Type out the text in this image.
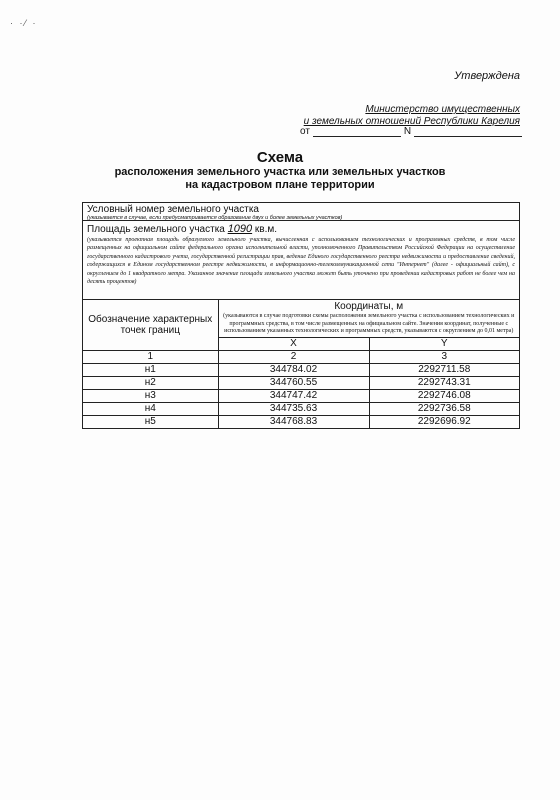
· ·⁄ ·
Утверждена
Министерство имущественных
и земельных отношений Республики Карелия
от	N
Схема
расположения земельного участка или земельных участков
на кадастровом плане территории
Условный номер земельного участка
(указывается в случае, если предусматривается образование двух и более земельных участков)
Площадь земельного участка 1090 кв.м.
(указывается проектная площадь образуемого земельного участка, вычисленная с использованием технологических и программных средств, в том числе размещенных на официальном сайте федерального органа исполнительной власти, уполномоченного Правительством Российской Федерации на осуществление государственного кадастрового учета, государственной регистрации прав, ведение Единого государственного реестра недвижимости и предоставление сведений, содержащихся в Едином государственном реестре недвижимости, в информационно-телекоммуникационной сети "Интернет" (далее - официальный сайт), с округлением до 1 квадратного метра. Указанное значение площади земельного участка может быть уточнено при проведении кадастровых работ не более чем на десять процентов)
Обозначение характерных точек границ	Координаты, м
(указываются в случае подготовки схемы расположения земельного участка с использованием технологических и программных средства, в том числе размещенных на официальном сайте. Значения координат, полученные с использованием указанных технологических и программных средств, указываются с округлением до 0,01 метра)	

	X	Y
1	2	3
н1	344784.02	2292711.58
н2	344760.55	2292743.31
н3	344747.42	2292746.08
н4	344735.63	2292736.58
н5	344768.83	2292696.92
